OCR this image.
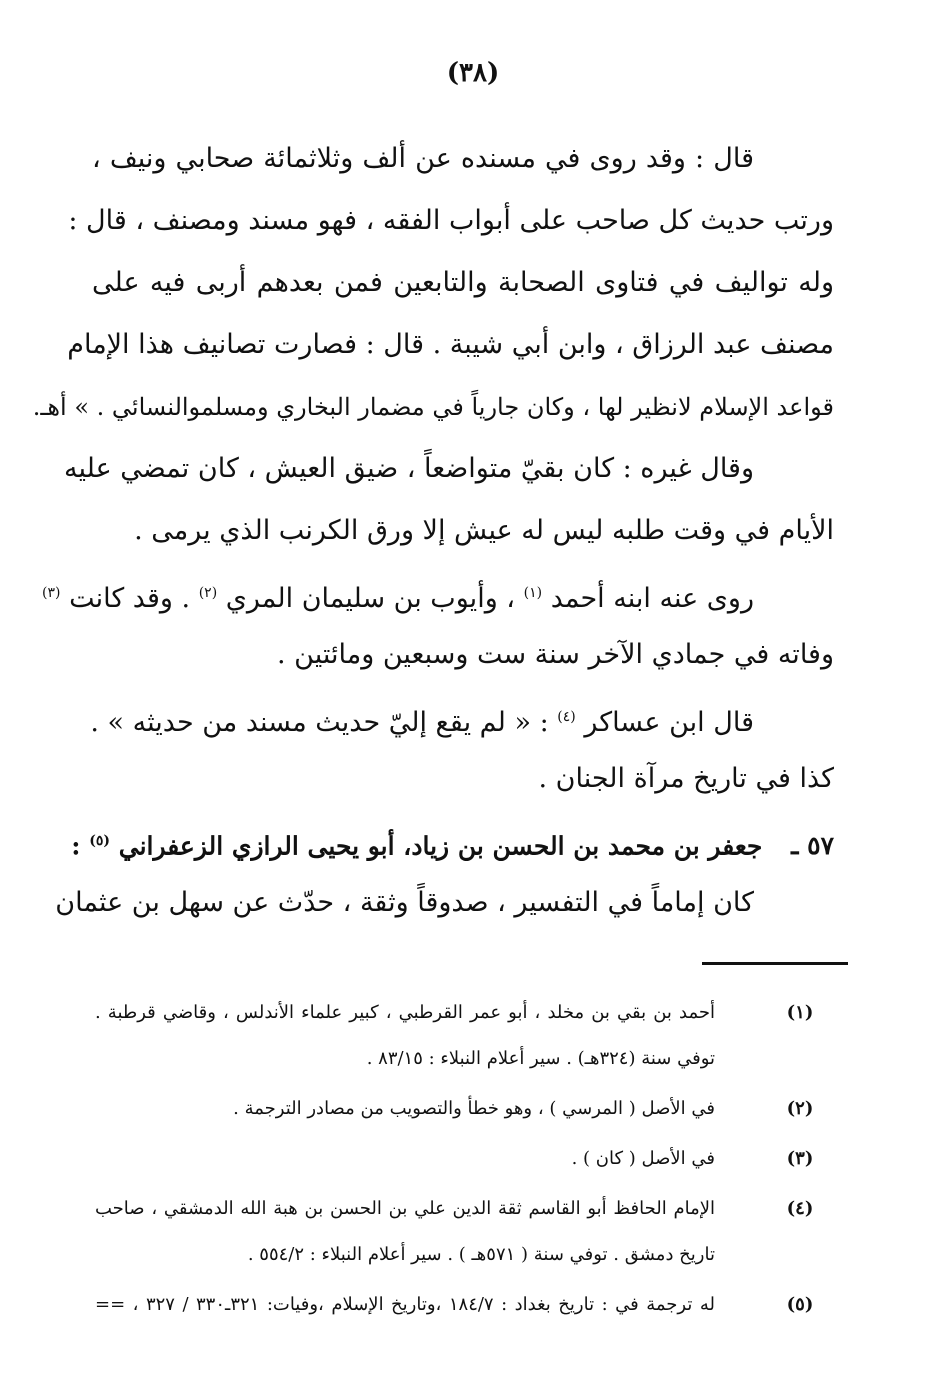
(٣٨)
قال : وقد روى في مسنده عن ألف وثلاثمائة صحابي ونيف ،
ورتب حديث كل صاحب على أبواب الفقه ، فهو مسند ومصنف ، قال :
وله تواليف في فتاوى الصحابة والتابعين فمن بعدهم أربى فيه على
مصنف عبد الرزاق ، وابن أبي شيبة . قال : فصارت تصانيف هذا الإمام
قواعد الإسلام لانظير لها ، وكان جارياً في مضمار البخاري ومسلموالنسائي . » أهـ.
وقال غيره : كان بقيّ متواضعاً ، ضيق العيش ، كان تمضي عليه
الأيام في وقت طلبه ليس له عيش إلا ورق الكرنب الذي يرمى .
روى عنه ابنه أحمد $^{(١)}$ ، وأيوب بن سليمان المري $^{(٢)}$ . وقد كانت $^{(٣)}$
وفاته في جمادي الآخر سنة ست وسبعين ومائتين .
قال ابن عساكر $^{(٤)}$ : « لم يقع إليّ حديث مسند من حديثه » .
كذا في تاريخ مرآة الجنان .
٥٧ ـ جعفر بن محمد بن الحسن بن زياد، أبو يحيى الرازي الزعفراني $^{(٥)}$ :
كان إماماً في التفسير ، صدوقاً وثقة ، حدّث عن سهل بن عثمان
(١)
أحمد بن بقي بن مخلد ، أبو عمر القرطبي ، كبير علماء الأندلس ، وقاضي قرطبة .
توفي سنة (٣٢٤هـ) . سير أعلام النبلاء : ٨٣/١٥ .
(٢)
في الأصل ( المرسي ) ، وهو خطأ والتصويب من مصادر الترجمة .
(٣)
في الأصل ( كان ) .
(٤)
الإمام الحافظ أبو القاسم ثقة الدين علي بن الحسن بن هبة الله الدمشقي ، صاحب
تاريخ دمشق . توفي سنة ( ٥٧١هـ ) . سير أعلام النبلاء : ٥٥٤/٢ .
(٥)
له ترجمة في : تاريخ بغداد : ١٨٤/٧ ،وتاريخ الإسلام ،وفيات: ٣٢١ـ٣٣٠ / ٣٢٧ ، ==
